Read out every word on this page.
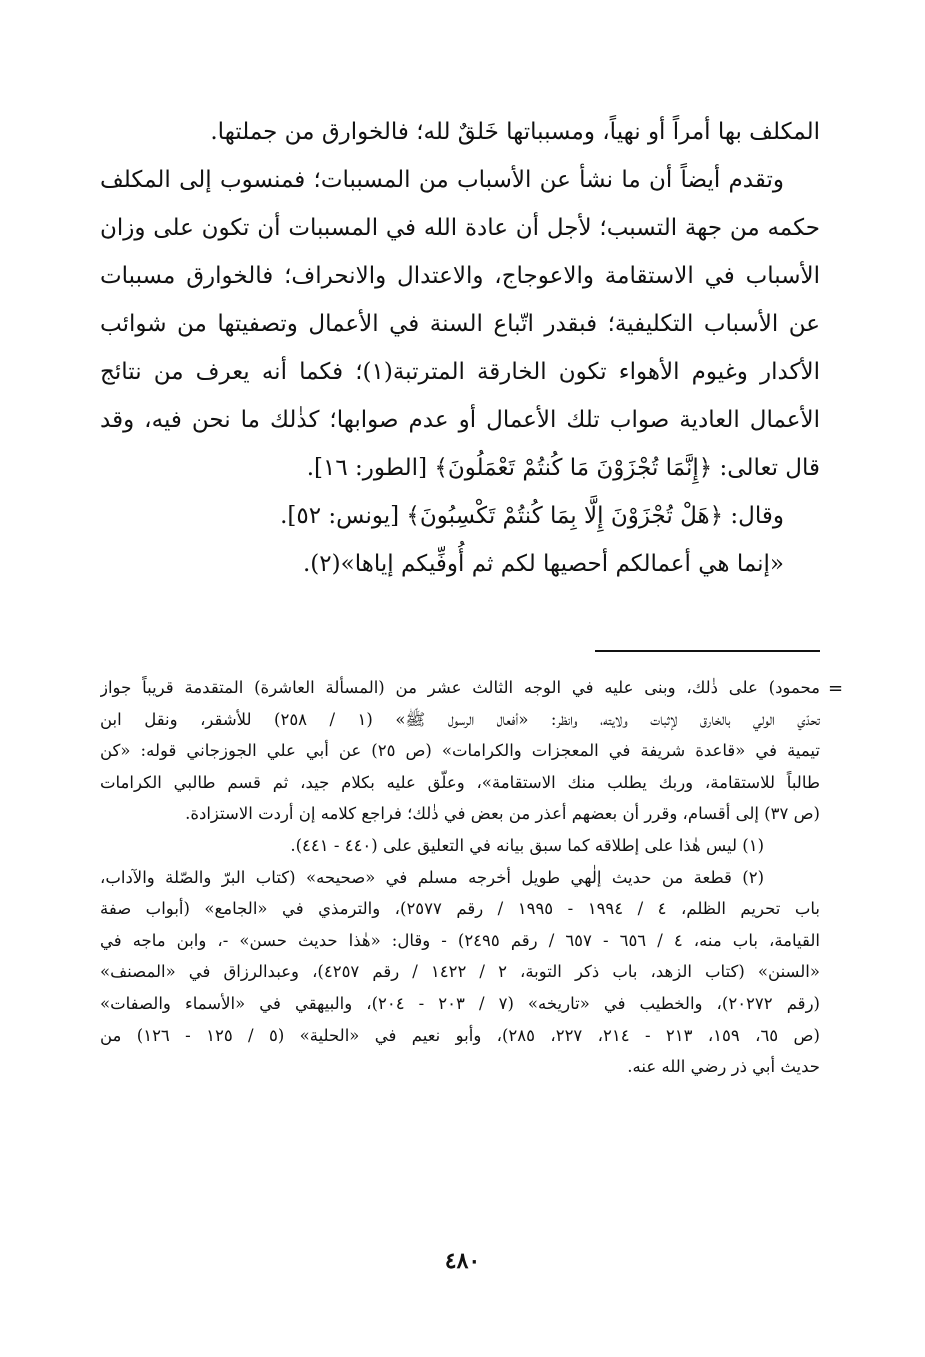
المكلف بها أمراً أو نهياً، ومسبباتها خَلقٌ لله؛ فالخوارق من جملتها.

وتقدم أيضاً أن ما نشأ عن الأسباب من المسببات؛ فمنسوب إلى المكلف

حكمه من جهة التسبب؛ لأجل أن عادة الله في المسببات أن تكون على وزان

الأسباب في الاستقامة والاعوجاج، والاعتدال والانحراف؛ فالخوارق مسببات

عن الأسباب التكليفية؛ فبقدر اتّباع السنة في الأعمال وتصفيتها من شوائب

الأكدار وغيوم الأهواء تكون الخارقة المترتبة(١)؛ فكما أنه يعرف من نتائج

الأعمال العادية صواب تلك الأعمال أو عدم صوابها؛ كذٰلك ما نحن فيه، وقد

قال تعالى: ﴿إِنَّمَا تُجْزَوْنَ مَا كُنتُمْ تَعْمَلُونَ﴾ [الطور: ١٦].

وقال: ﴿هَلْ تُجْزَوْنَ إِلَّا بِمَا كُنتُمْ تَكْسِبُونَ﴾ [يونس: ٥٢].

«إنما هي أعمالكم أحصيها لكم ثم أُوفِّيكم إياها»(٢).

=

محمود) على ذٰلك، وبنى عليه في الوجه الثالث عشر من (المسألة العاشرة) المتقدمة قريباً جواز

تحدّي الولي بالخارق لإثبات ولايته، وانظر: «أفعال الرسول ﷺ» (١ / ٢٥٨) للأشقر، ونقل ابن

تيمية في «قاعدة شريفة في المعجزات والكرامات» (ص ٢٥) عن أبي علي الجوزجاني قوله: «كن

طالباً للاستقامة، وربك يطلب منك الاستقامة»، وعلّق عليه بكلام جيد، ثم قسم طالبي الكرامات

(ص ٣٧) إلى أقسام، وقرر أن بعضهم أعذر من بعض في ذٰلك؛ فراجع كلامه إن أردت الاستزادة.

(١) ليس هٰذا على إطلاقه كما سبق بيانه في التعليق على (٤٤٠ - ٤٤١).

(٢) قطعة من حديث إلٰهي طويل أخرجه مسلم في «صحيحه» (كتاب البرّ والصّلة والآداب،

باب تحريم الظلم، ٤ / ١٩٩٤ - ١٩٩٥ / رقم ٢٥٧٧)، والترمذي في «الجامع» (أبواب صفة

القيامة، باب منه، ٤ / ٦٥٦ - ٦٥٧ / رقم ٢٤٩٥) - وقال: «هٰذا حديث حسن» -، وابن ماجه في

«السنن» (كتاب الزهد، باب ذكر التوبة، ٢ / ١٤٢٢ / رقم ٤٢٥٧)، وعبدالرزاق في «المصنف»

(رقم ٢٠٢٧٢)، والخطيب في «تاريخه» (٧ / ٢٠٣ - ٢٠٤)، والبيهقي في «الأسماء والصفات»

(ص ٦٥، ١٥٩، ٢١٣ - ٢١٤، ٢٢٧، ٢٨٥)، وأبو نعيم في «الحلية» (٥ / ١٢٥ - ١٢٦) من

حديث أبي ذر رضي الله عنه.

٤٨٠
